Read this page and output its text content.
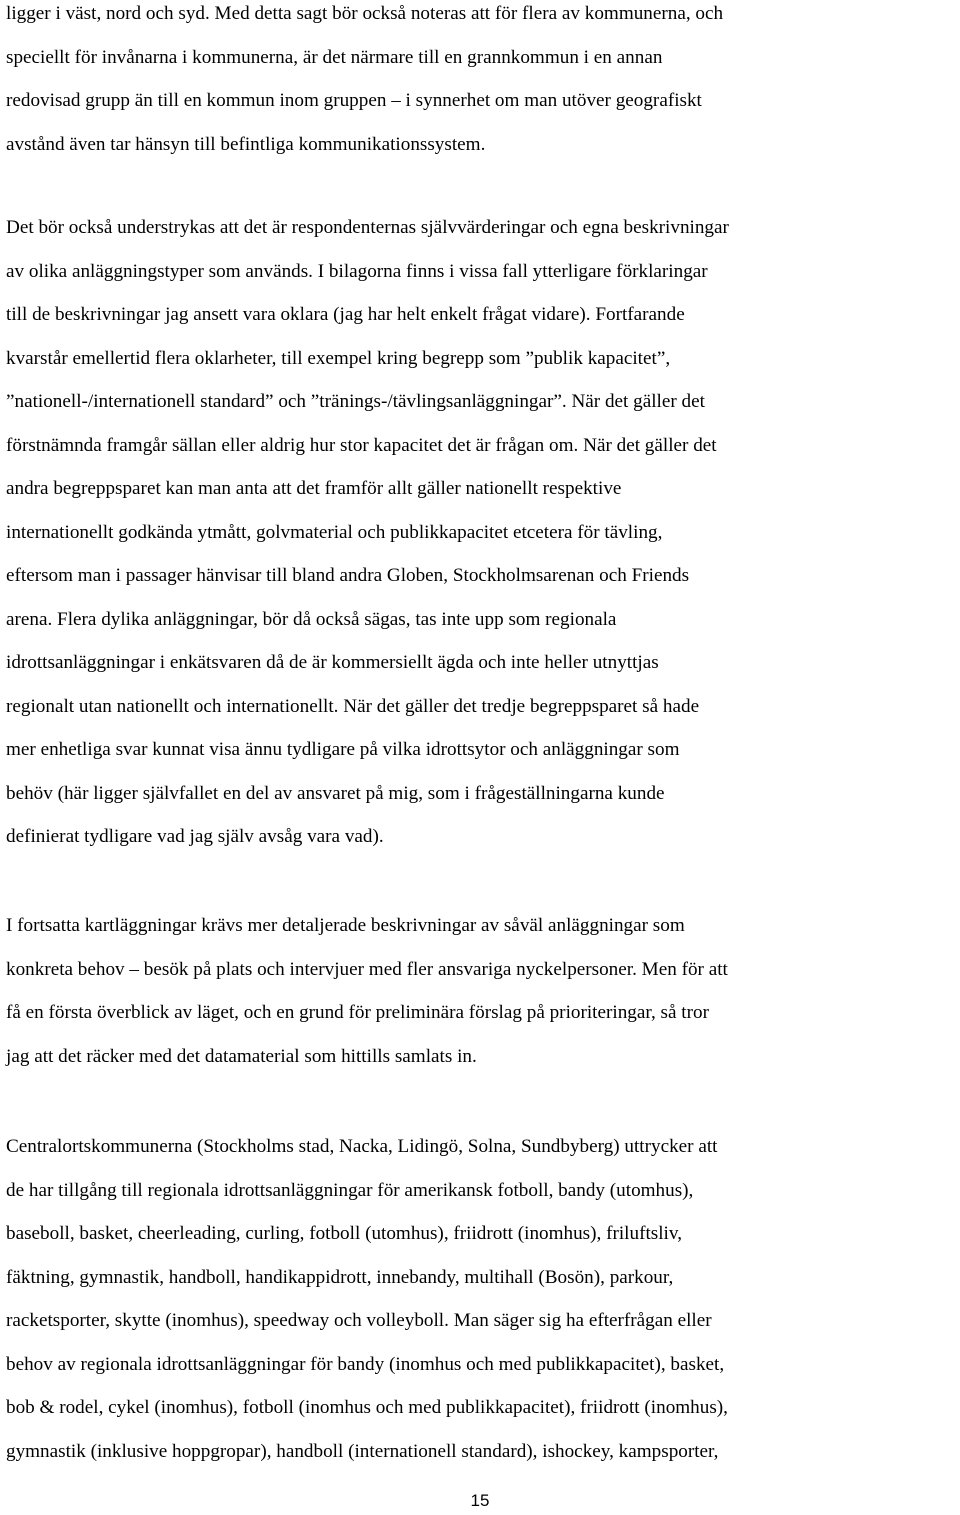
ligger i väst, nord och syd. Med detta sagt bör också noteras att för flera av kommunerna, och
speciellt för invånarna i kommunerna, är det närmare till en grannkommun i en annan
redovisad grupp än till en kommun inom gruppen – i synnerhet om man utöver geografiskt
avstånd även tar hänsyn till befintliga kommunikationssystem.
Det bör också understrykas att det är respondenternas självvärderingar och egna beskrivningar
av olika anläggningstyper som används. I bilagorna finns i vissa fall ytterligare förklaringar
till de beskrivningar jag ansett vara oklara (jag har helt enkelt frågat vidare). Fortfarande
kvarstår emellertid flera oklarheter, till exempel kring begrepp som ”publik kapacitet”,
”nationell-/internationell standard” och ”tränings-/tävlingsanläggningar”. När det gäller det
förstnämnda framgår sällan eller aldrig hur stor kapacitet det är frågan om. När det gäller det
andra begreppsparet kan man anta att det framför allt gäller nationellt respektive
internationellt godkända ytmått, golvmaterial och publikkapacitet etcetera för tävling,
eftersom man i passager hänvisar till bland andra Globen, Stockholmsarenan och Friends
arena. Flera dylika anläggningar, bör då också sägas, tas inte upp som regionala
idrottsanläggningar i enkätsvaren då de är kommersiellt ägda och inte heller utnyttjas
regionalt utan nationellt och internationellt. När det gäller det tredje begreppsparet så hade
mer enhetliga svar kunnat visa ännu tydligare på vilka idrottsytor och anläggningar som
behöv (här ligger självfallet en del av ansvaret på mig, som i frågeställningarna kunde
definierat tydligare vad jag själv avsåg vara vad).
I fortsatta kartläggningar krävs mer detaljerade beskrivningar av såväl anläggningar som
konkreta behov – besök på plats och intervjuer med fler ansvariga nyckelpersoner. Men för att
få en första överblick av läget, och en grund för preliminära förslag på prioriteringar, så tror
jag att det räcker med det datamaterial som hittills samlats in.
Centralortskommunerna (Stockholms stad, Nacka, Lidingö, Solna, Sundbyberg) uttrycker att
de har tillgång till regionala idrottsanläggningar för amerikansk fotboll, bandy (utomhus),
baseboll, basket, cheerleading, curling, fotboll (utomhus), friidrott (inomhus), friluftsliv,
fäktning, gymnastik, handboll, handikappidrott, innebandy, multihall (Bosön), parkour,
racketsporter, skytte (inomhus), speedway och volleyboll. Man säger sig ha efterfrågan eller
behov av regionala idrottsanläggningar för bandy (inomhus och med publikkapacitet), basket,
bob & rodel, cykel (inomhus), fotboll (inomhus och med publikkapacitet), friidrott (inomhus),
gymnastik (inklusive hoppgropar), handboll (internationell standard), ishockey, kampsporter,
15
